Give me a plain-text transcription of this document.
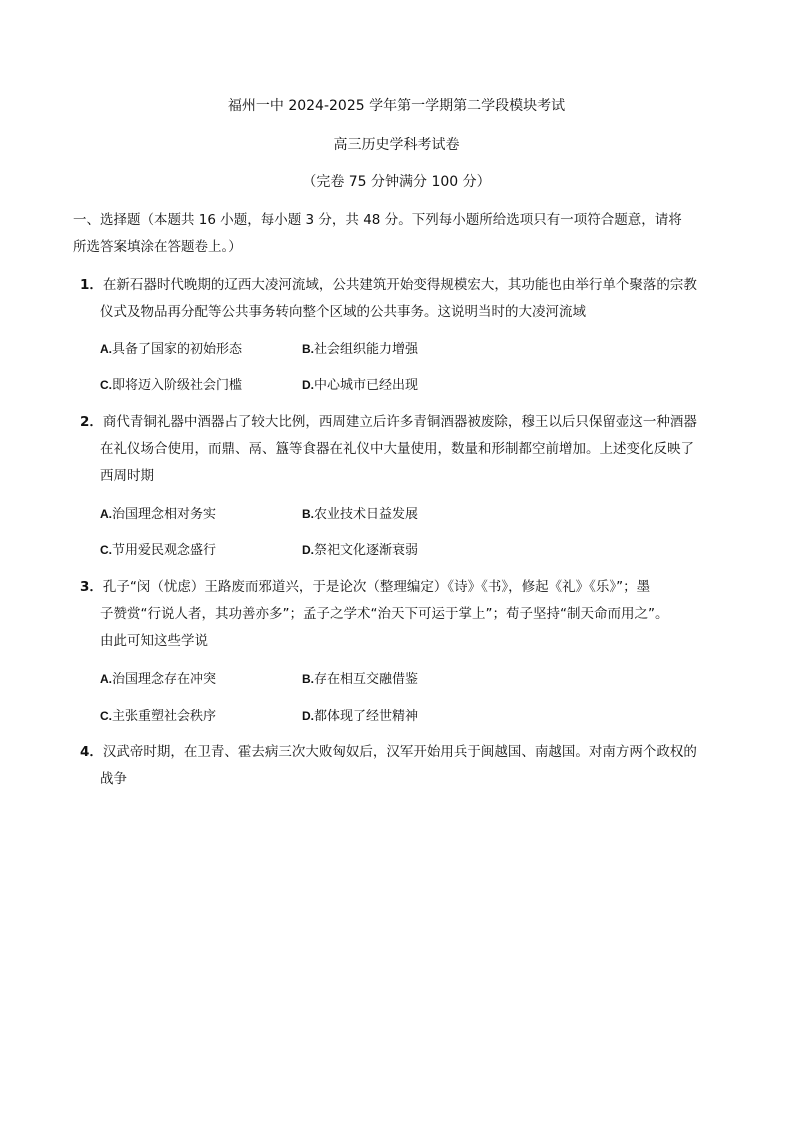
福州一中 2024-2025 学年第一学期第二学段模块考试
高三历史学科考试卷
（完卷 75 分钟满分 100 分）
一、选择题（本题共 16 小题，每小题 3 分，共 48 分。下列每小题所给选项只有一项符合题意，请将
所选答案填涂在答题卷上。）
1．在新石器时代晚期的辽西大凌河流域，公共建筑开始变得规模宏大，其功能也由举行单个聚落的宗教
仪式及物品再分配等公共事务转向整个区域的公共事务。这说明当时的大凌河流域
A.具备了国家的初始形态	B.社会组织能力增强
C.即将迈入阶级社会门槛	D.中心城市已经出现
2．商代青铜礼器中酒器占了较大比例，西周建立后许多青铜酒器被废除，穆王以后只保留壶这一种酒器
在礼仪场合使用，而鼎、鬲、簋等食器在礼仪中大量使用，数量和形制都空前增加。上述变化反映了
西周时期
A.治国理念相对务实	B.农业技术日益发展
C.节用爱民观念盛行	D.祭祀文化逐渐衰弱
3．孔子“闵（忧虑）王路废而邪道兴，于是论次（整理编定）《诗》《书》，修起《礼》《乐》”；墨
子赞赏“行说人者，其功善亦多”；孟子之学术“治天下可运于掌上”；荀子坚持“制天命而用之”。
由此可知这些学说
A.治国理念存在冲突	B.存在相互交融借鉴
C.主张重塑社会秩序	D.都体现了经世精神
4．汉武帝时期，在卫青、霍去病三次大败匈奴后，汉军开始用兵于闽越国、南越国。对南方两个政权的
战争
